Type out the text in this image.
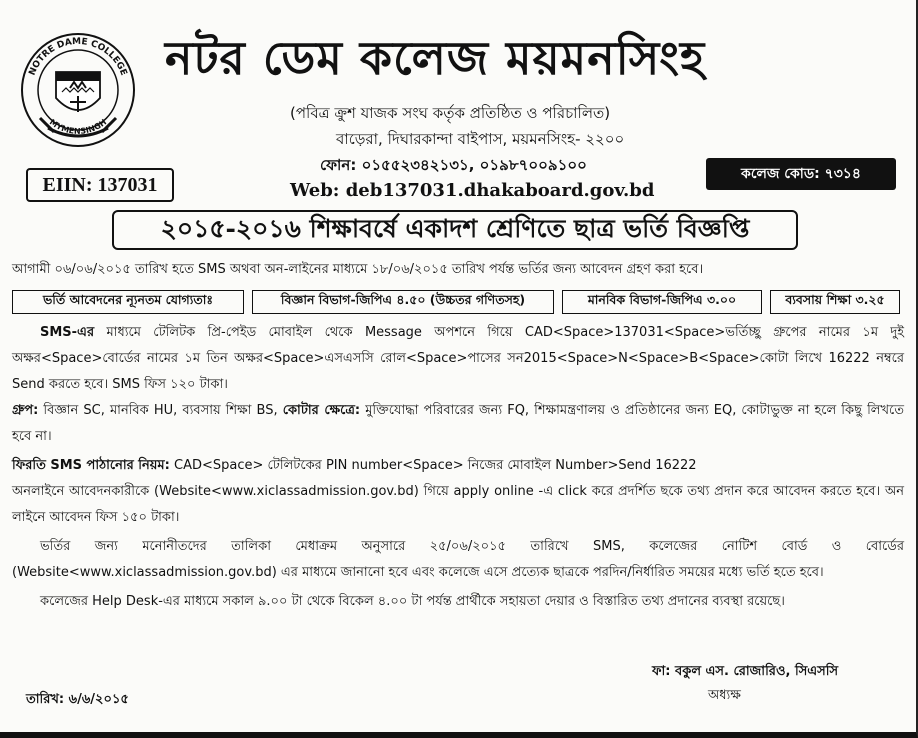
NOTRE DAME COLLEGE
MYMENSINGH
নটর ডেম কলেজ ময়মনসিংহ
(পবিত্র ক্রুশ যাজক সংঘ কর্তৃক প্রতিষ্ঠিত ও পরিচালিত)
বাড়েরা, দিঘারকান্দা বাইপাস, ময়মনসিংহ- ২২০০
ফোন: ০১৫৫২৩৪২১৩১, ০১৯৮৭০০৯১০০
Web: deb137031.dhakaboard.gov.bd
EIIN: 137031	কলেজ কোড: ৭৩১৪
২০১৫-২০১৬ শিক্ষাবর্ষে একাদশ শ্রেণিতে ছাত্র ভর্তি বিজ্ঞপ্তি
আগামী ০৬/০৬/২০১৫ তারিখ হতে SMS অথবা অন-লাইনের মাধ্যমে ১৮/০৬/২০১৫ তারিখ পর্যন্ত ভর্তির জন্য আবেদন গ্রহণ করা হবে।
ভর্তি আবেদনের ন্যূনতম যোগ্যতাঃ	বিজ্ঞান বিভাগ-জিপিএ ৪.৫০ (উচ্চতর গণিতসহ)	মানবিক বিভাগ-জিপিএ ৩.০০	ব্যবসায় শিক্ষা ৩.২৫

SMS-এর মাধ্যমে টেলিটক প্রি-পেইড মোবাইল থেকে Message অপশনে গিয়ে CAD<Space>137031<Space>ভর্তিচ্ছু গ্রুপের নামের ১ম দুই অক্ষর<Space>বোর্ডের নামের ১ম তিন অক্ষর<Space>এসএসসি রোল<Space>পাসের সন2015<Space>N<Space>B<Space>কোটা লিখে 16222 নম্বরে Send করতে হবে। SMS ফিস ১২০ টাকা।

গ্রুপ: বিজ্ঞান SC, মানবিক HU, ব্যবসায় শিক্ষা BS, কোটার ক্ষেত্রে: মুক্তিযোদ্ধা পরিবারের জন্য FQ, শিক্ষামন্ত্রণালয় ও প্রতিষ্ঠানের জন্য EQ, কোটাভুক্ত না হলে কিছু লিখতে হবে না।

ফিরতি SMS পাঠানোর নিয়ম: CAD<Space> টেলিটকের PIN number<Space> নিজের মোবাইল Number>Send 16222

অনলাইনে আবেদনকারীকে (Website<www.xiclassadmission.gov.bd) গিয়ে apply online -এ click করে প্রদর্শিত ছকে তথ্য প্রদান করে আবেদন করতে হবে। অন লাইনে আবেদন ফিস ১৫০ টাকা।

ভর্তির জন্য মনোনীতদের তালিকা মেধাক্রম অনুসারে ২৫/০৬/২০১৫ তারিখে SMS, কলেজের নোটিশ বোর্ড ও বোর্ডের (Website<www.xiclassadmission.gov.bd) এর মাধ্যমে জানানো হবে এবং কলেজে এসে প্রত্যেক ছাত্রকে পরদিন/নির্ধারিত সময়ের মধ্যে ভর্তি হতে হবে।

কলেজের Help Desk-এর মাধ্যমে সকাল ৯.০০ টা থেকে বিকেল ৪.০০ টা পর্যন্ত প্রার্থীকে সহায়তা দেয়ার ও বিস্তারিত তথ্য প্রদানের ব্যবস্থা রয়েছে।

ফা: বকুল এস. রোজারিও, সিএসসি
অধ্যক্ষ
তারিখ: ৬/৬/২০১৫
